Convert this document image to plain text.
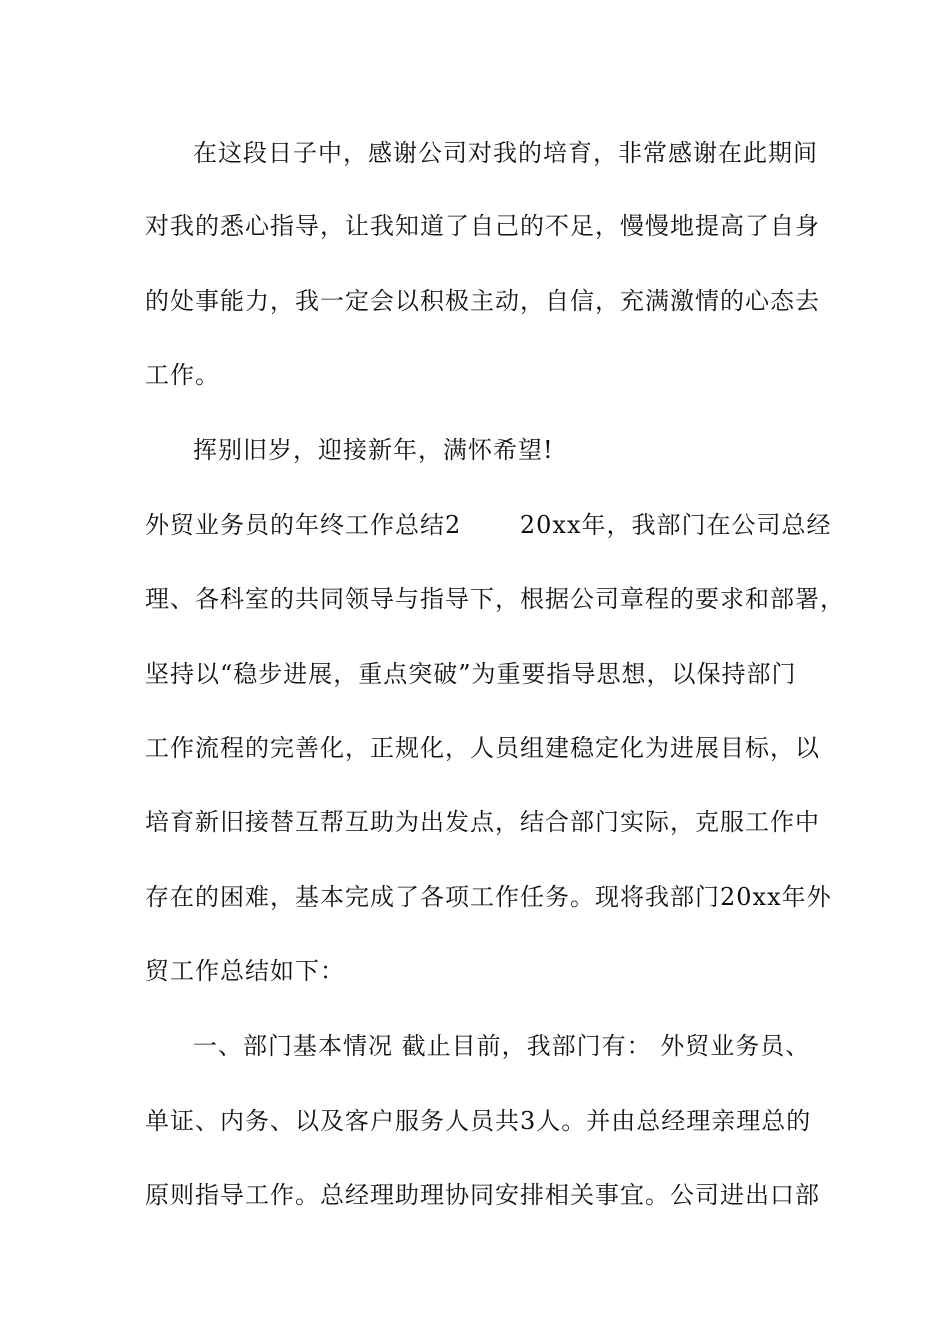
在这段日子中，感谢公司对我的培育，非常感谢在此期间
对我的悉心指导，让我知道了自己的不足，慢慢地提高了自身
的处事能力，我一定会以积极主动，自信，充满激情的心态去
工作。
挥别旧岁，迎接新年，满怀希望!
外贸业务员的年终工作总结2　　 20xx年，我部门在公司总经
理、各科室的共同领导与指导下，根据公司章程的要求和部署，
坚持以“稳步进展，重点突破”为重要指导思想，以保持部门
工作流程的完善化，正规化，人员组建稳定化为进展目标，以
培育新旧接替互帮互助为出发点，结合部门实际，克服工作中
存在的困难，基本完成了各项工作任务。现将我部门20xx年外
贸工作总结如下：
一、部门基本情况 截止目前，我部门有： 外贸业务员、
单证、内务、以及客户服务人员共3人。并由总经理亲理总的
原则指导工作。总经理助理协同安排相关事宜。公司进出口部
